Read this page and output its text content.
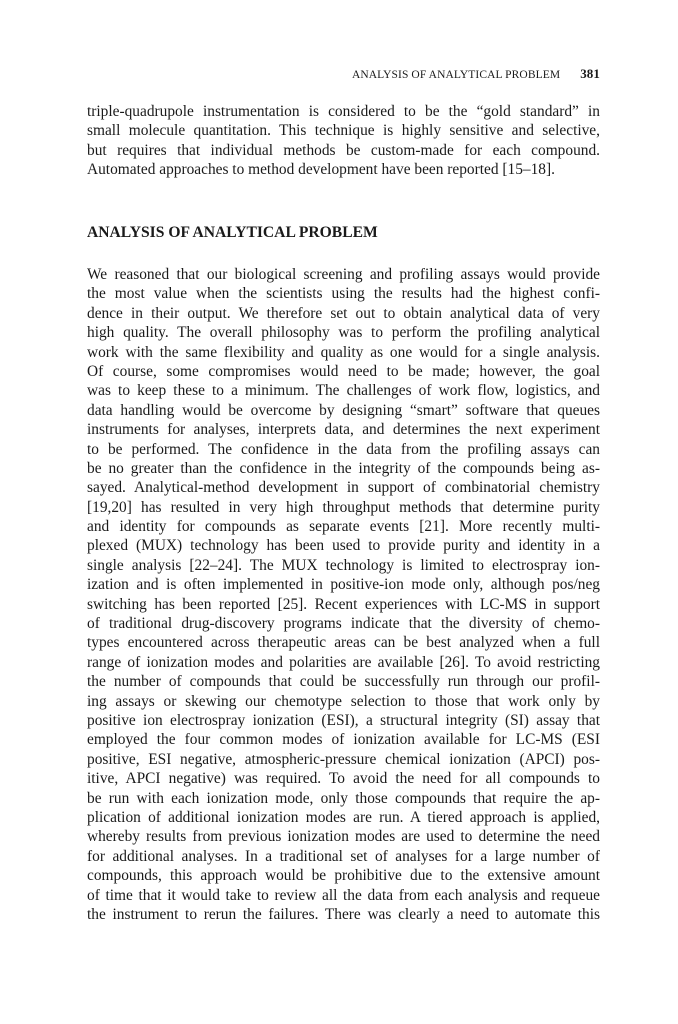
ANALYSIS OF ANALYTICAL PROBLEM 381
triple-quadrupole instrumentation is considered to be the “gold standard” in
small molecule quantitation. This technique is highly sensitive and selective,
but requires that individual methods be custom-made for each compound.
Automated approaches to method development have been reported [15–18].
ANALYSIS OF ANALYTICAL PROBLEM
We reasoned that our biological screening and profiling assays would provide
the most value when the scientists using the results had the highest confi-
dence in their output. We therefore set out to obtain analytical data of very
high quality. The overall philosophy was to perform the profiling analytical
work with the same flexibility and quality as one would for a single analysis.
Of course, some compromises would need to be made; however, the goal
was to keep these to a minimum. The challenges of work flow, logistics, and
data handling would be overcome by designing “smart” software that queues
instruments for analyses, interprets data, and determines the next experiment
to be performed. The confidence in the data from the profiling assays can
be no greater than the confidence in the integrity of the compounds being as-
sayed. Analytical-method development in support of combinatorial chemistry
[19,20] has resulted in very high throughput methods that determine purity
and identity for compounds as separate events [21]. More recently multi-
plexed (MUX) technology has been used to provide purity and identity in a
single analysis [22–24]. The MUX technology is limited to electrospray ion-
ization and is often implemented in positive-ion mode only, although pos/neg
switching has been reported [25]. Recent experiences with LC-MS in support
of traditional drug-discovery programs indicate that the diversity of chemo-
types encountered across therapeutic areas can be best analyzed when a full
range of ionization modes and polarities are available [26]. To avoid restricting
the number of compounds that could be successfully run through our profil-
ing assays or skewing our chemotype selection to those that work only by
positive ion electrospray ionization (ESI), a structural integrity (SI) assay that
employed the four common modes of ionization available for LC-MS (ESI
positive, ESI negative, atmospheric-pressure chemical ionization (APCI) pos-
itive, APCI negative) was required. To avoid the need for all compounds to
be run with each ionization mode, only those compounds that require the ap-
plication of additional ionization modes are run. A tiered approach is applied,
whereby results from previous ionization modes are used to determine the need
for additional analyses. In a traditional set of analyses for a large number of
compounds, this approach would be prohibitive due to the extensive amount
of time that it would take to review all the data from each analysis and requeue
the instrument to rerun the failures. There was clearly a need to automate this
